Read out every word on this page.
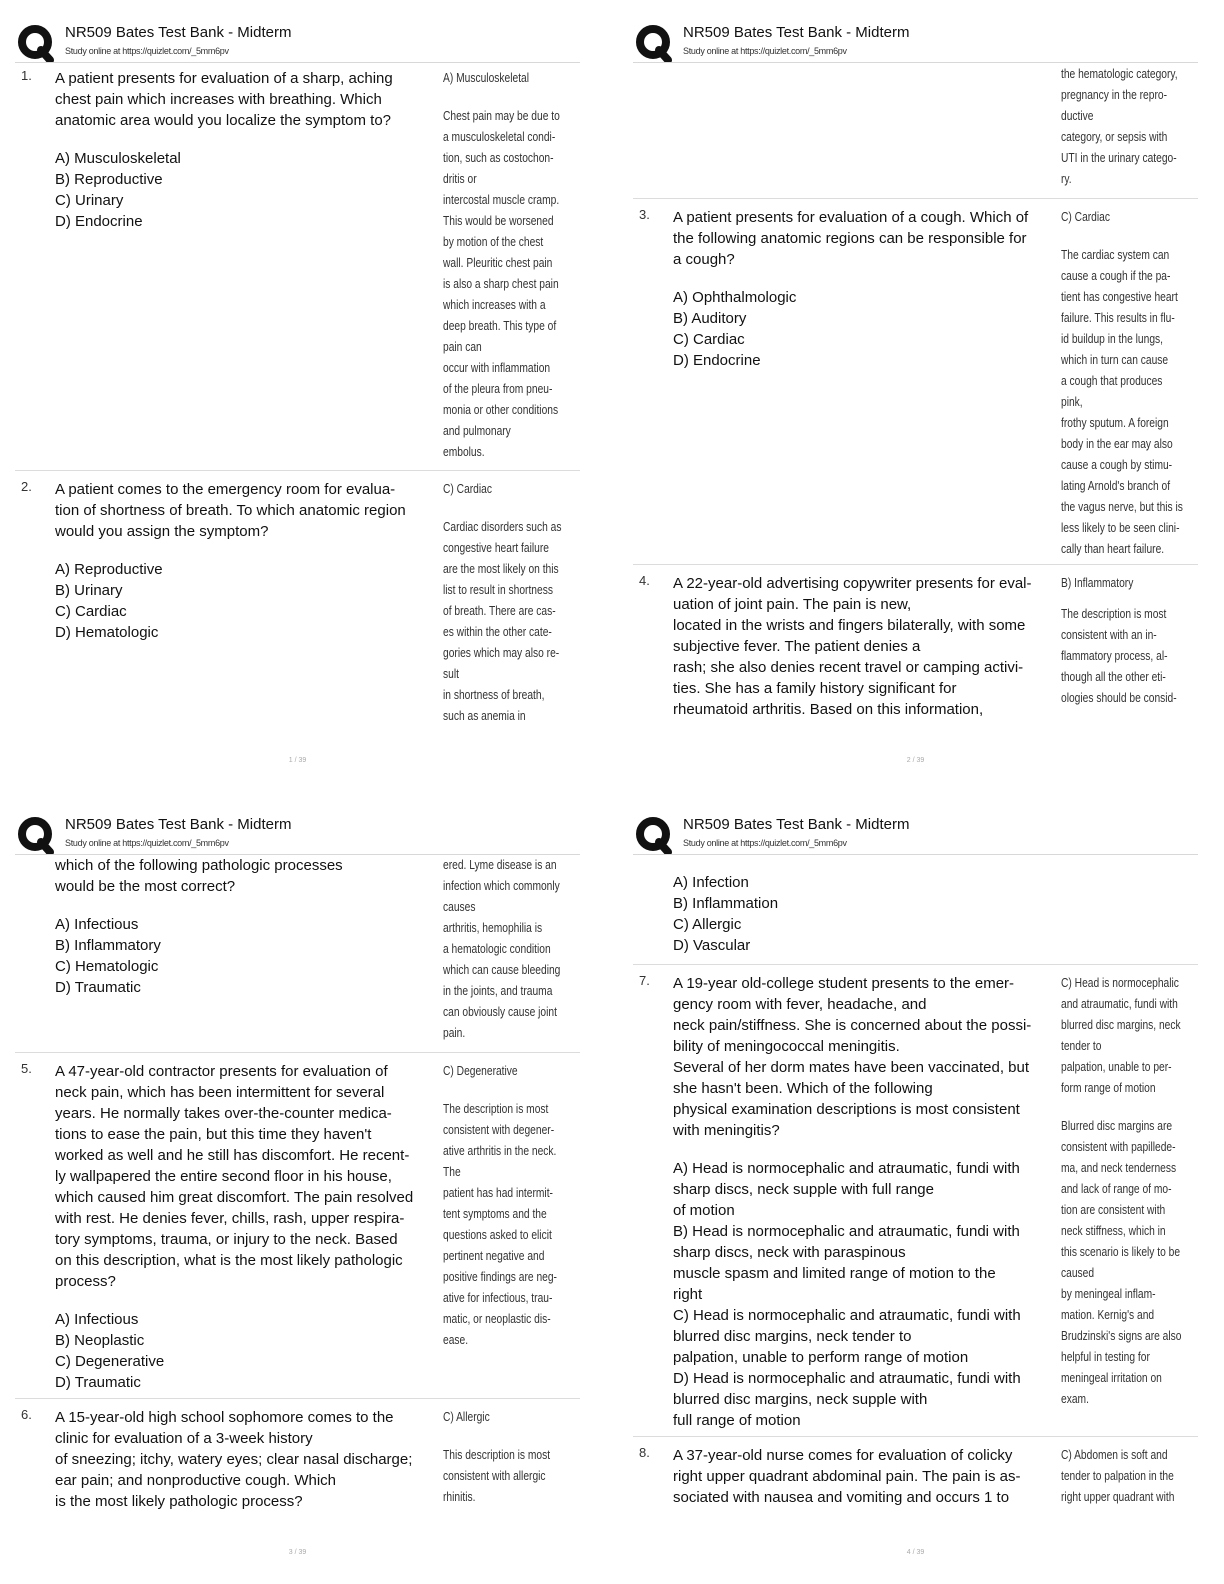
NR509 Bates Test Bank - Midterm
Study online at https://quizlet.com/_5mm6pv
1. A patient presents for evaluation of a sharp, aching

chest pain which increases with breathing. Which

anatomic area would you localize the symptom to?

A) Musculoskeletal

B) Reproductive

C) Urinary

D) Endocrine

A) Musculoskeletal

Chest pain may be due to

a musculoskeletal condi-

tion, such as costochon-

dritis or

intercostal muscle cramp.

This would be worsened

by motion of the chest

wall. Pleuritic chest pain

is also a sharp chest pain

which increases with a

deep breath. This type of

pain can

occur with inflammation

of the pleura from pneu-

monia or other conditions

and pulmonary

embolus.

2. A patient comes to the emergency room for evalua-

tion of shortness of breath. To which anatomic region

would you assign the symptom?

A) Reproductive

B) Urinary

C) Cardiac

D) Hematologic

C) Cardiac

Cardiac disorders such as

congestive heart failure

are the most likely on this

list to result in shortness

of breath. There are cas-

es within the other cate-

gories which may also re-

sult

in shortness of breath,

such as anemia in

1 / 39
NR509 Bates Test Bank - Midterm
Study online at https://quizlet.com/_5mm6pv

the hematologic category,

pregnancy in the repro-

ductive

category, or sepsis with

UTI in the urinary catego-

ry.

3. A patient presents for evaluation of a cough. Which of

the following anatomic regions can be responsible for

a cough?

A) Ophthalmologic

B) Auditory

C) Cardiac

D) Endocrine

C) Cardiac

The cardiac system can

cause a cough if the pa-

tient has congestive heart

failure. This results in flu-

id buildup in the lungs,

which in turn can cause

a cough that produces

pink,

frothy sputum. A foreign

body in the ear may also

cause a cough by stimu-

lating Arnold's branch of

the vagus nerve, but this is

less likely to be seen clini-

cally than heart failure.

4. A 22-year-old advertising copywriter presents for eval-

uation of joint pain. The pain is new,

located in the wrists and fingers bilaterally, with some

subjective fever. The patient denies a

rash; she also denies recent travel or camping activi-

ties. She has a family history significant for

rheumatoid arthritis. Based on this information,

B) Inflammatory

The description is most

consistent with an in-

flammatory process, al-

though all the other eti-

ologies should be consid-

2 / 39
NR509 Bates Test Bank - Midterm
Study online at https://quizlet.com/_5mm6pv

which of the following pathologic processes

would be the most correct?

A) Infectious

B) Inflammatory

C) Hematologic

D) Traumatic

ered. Lyme disease is an

infection which commonly

causes

arthritis, hemophilia is

a hematologic condition

which can cause bleeding

in the joints, and trauma

can obviously cause joint

pain.

5. A 47-year-old contractor presents for evaluation of

neck pain, which has been intermittent for several

years. He normally takes over-the-counter medica-

tions to ease the pain, but this time they haven't

worked as well and he still has discomfort. He recent-

ly wallpapered the entire second floor in his house,

which caused him great discomfort. The pain resolved

with rest. He denies fever, chills, rash, upper respira-

tory symptoms, trauma, or injury to the neck. Based

on this description, what is the most likely pathologic

process?

A) Infectious

B) Neoplastic

C) Degenerative

D) Traumatic

C) Degenerative

The description is most

consistent with degener-

ative arthritis in the neck.

The

patient has had intermit-

tent symptoms and the

questions asked to elicit

pertinent negative and

positive findings are neg-

ative for infectious, trau-

matic, or neoplastic dis-

ease.

6. A 15-year-old high school sophomore comes to the

clinic for evaluation of a 3-week history

of sneezing; itchy, watery eyes; clear nasal discharge;

ear pain; and nonproductive cough. Which

is the most likely pathologic process?

C) Allergic

This description is most

consistent with allergic

rhinitis.

3 / 39
NR509 Bates Test Bank - Midterm
Study online at https://quizlet.com/_5mm6pv

A) Infection

B) Inflammation

C) Allergic

D) Vascular

7. A 19-year old-college student presents to the emer-

gency room with fever, headache, and

neck pain/stiffness. She is concerned about the possi-

bility of meningococcal meningitis.

Several of her dorm mates have been vaccinated, but

she hasn't been. Which of the following

physical examination descriptions is most consistent

with meningitis?

A) Head is normocephalic and atraumatic, fundi with

sharp discs, neck supple with full range

of motion

B) Head is normocephalic and atraumatic, fundi with

sharp discs, neck with paraspinous

muscle spasm and limited range of motion to the

right

C) Head is normocephalic and atraumatic, fundi with

blurred disc margins, neck tender to

palpation, unable to perform range of motion

D) Head is normocephalic and atraumatic, fundi with

blurred disc margins, neck supple with

full range of motion

C) Head is normocephalic

and atraumatic, fundi with

blurred disc margins, neck

tender to

palpation, unable to per-

form range of motion

Blurred disc margins are

consistent with papillede-

ma, and neck tenderness

and lack of range of mo-

tion are consistent with

neck stiffness, which in

this scenario is likely to be

caused

by meningeal inflam-

mation. Kernig's and

Brudzinski's signs are also

helpful in testing for

meningeal irritation on

exam.

8. A 37-year-old nurse comes for evaluation of colicky

right upper quadrant abdominal pain. The pain is as-

sociated with nausea and vomiting and occurs 1 to

C) Abdomen is soft and

tender to palpation in the

right upper quadrant with

4 / 39
